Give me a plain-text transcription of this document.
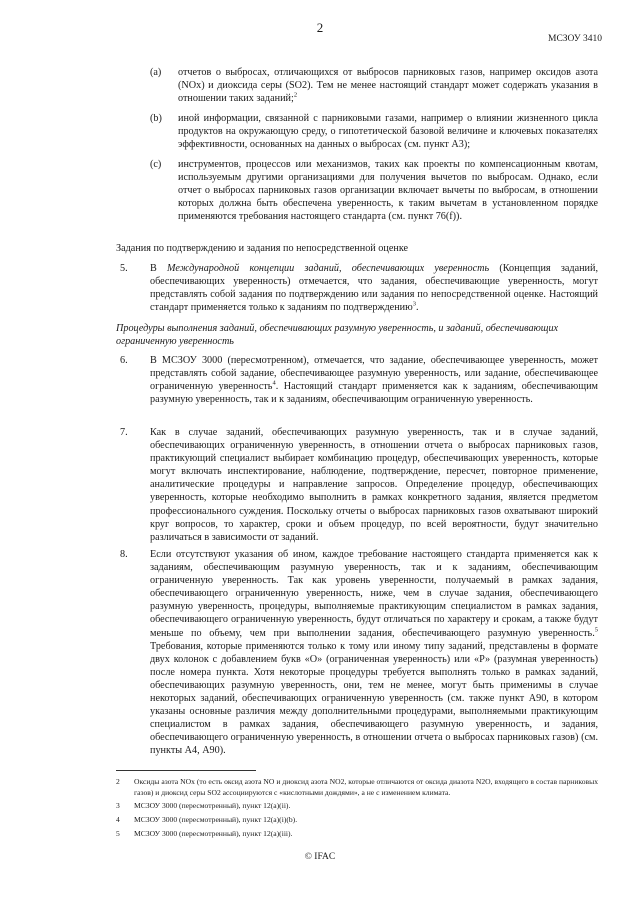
2
МСЗОУ 3410
(a) отчетов о выбросах, отличающихся от выбросов парниковых газов, например оксидов азота (NOx) и диоксида серы (SO2). Тем не менее настоящий стандарт может содержать указания в отношении таких заданий;$^2$
(b) иной информации, связанной с парниковыми газами, например о влиянии жизненного цикла продуктов на окружающую среду, о гипотетической базовой величине и ключевых показателях эффективности, основанных на данных о выбросах (см. пункт А3);
(c) инструментов, процессов или механизмов, таких как проекты по компенсационным квотам, используемым другими организациями для получения вычетов по выбросам. Однако, если отчет о выбросах парниковых газов организации включает вычеты по выбросам, в отношении которых должна быть обеспечена уверенность, к таким вычетам в установленном порядке применяются требования настоящего стандарта (см. пункт 76(f)).
Задания по подтверждению и задания по непосредственной оценке
5. В Международной концепции заданий, обеспечивающих уверенность (Концепция заданий, обеспечивающих уверенность) отмечается, что задания, обеспечивающие уверенность, могут представлять собой задания по подтверждению или задания по непосредственной оценке. Настоящий стандарт применяется только к заданиям по подтверждению$^3$.
Процедуры выполнения заданий, обеспечивающих разумную уверенность, и заданий, обеспечивающих ограниченную уверенность
6. В МСЗОУ 3000 (пересмотренном), отмечается, что задание, обеспечивающее уверенность, может представлять собой задание, обеспечивающее разумную уверенность, или задание, обеспечивающее ограниченную уверенность$^4$. Настоящий стандарт применяется как к заданиям, обеспечивающим разумную уверенность, так и к заданиям, обеспечивающим ограниченную уверенность.
7. Как в случае заданий, обеспечивающих разумную уверенность, так и в случае заданий, обеспечивающих ограниченную уверенность, в отношении отчета о выбросах парниковых газов, практикующий специалист выбирает комбинацию процедур, обеспечивающих уверенность, которые могут включать инспектирование, наблюдение, подтверждение, пересчет, повторное применение, аналитические процедуры и направление запросов. Определение процедур, обеспечивающих уверенность, которые необходимо выполнить в рамках конкретного задания, является предметом профессионального суждения. Поскольку отчеты о выбросах парниковых газов охватывают широкий круг вопросов, то характер, сроки и объем процедур, по всей вероятности, будут значительно различаться в зависимости от заданий.
8. Если отсутствуют указания об ином, каждое требование настоящего стандарта применяется как к заданиям, обеспечивающим разумную уверенность, так и к заданиям, обеспечивающим ограниченную уверенность. Так как уровень уверенности, получаемый в рамках задания, обеспечивающего ограниченную уверенность, ниже, чем в случае задания, обеспечивающего разумную уверенность, процедуры, выполняемые практикующим специалистом в рамках задания, обеспечивающего ограниченную уверенность, будут отличаться по характеру и срокам, а также будут меньше по объему, чем при выполнении задания, обеспечивающего разумную уверенность.$^5$ Требования, которые применяются только к тому или иному типу заданий, представлены в формате двух колонок с добавлением букв «О» (ограниченная уверенность) или «Р» (разумная уверенность) после номера пункта. Хотя некоторые процедуры требуется выполнять только в рамках заданий, обеспечивающих разумную уверенность, они, тем не менее, могут быть применимы в случае некоторых заданий, обеспечивающих ограниченную уверенность (см. также пункт А90, в котором указаны основные различия между дополнительными процедурами, выполняемыми практикующим специалистом в рамках задания, обеспечивающего разумную уверенность, и задания, обеспечивающего ограниченную уверенность, в отношении отчета о выбросах парниковых газов) (см. пункты А4, А90).
2 Оксиды азота NOx (то есть оксид азота NO и диоксид азота NO2, которые отличаются от оксида диазота N2O, входящего в состав парниковых газов) и диоксид серы SO2 ассоциируются с «кислотными дождями», а не с изменением климата.
3 МСЗОУ 3000 (пересмотренный), пункт 12(а)(ii).
4 МСЗОУ 3000 (пересмотренный), пункт 12(а)(i)(b).
5 МСЗОУ 3000 (пересмотренный), пункт 12(а)(iii).
© IFAC
